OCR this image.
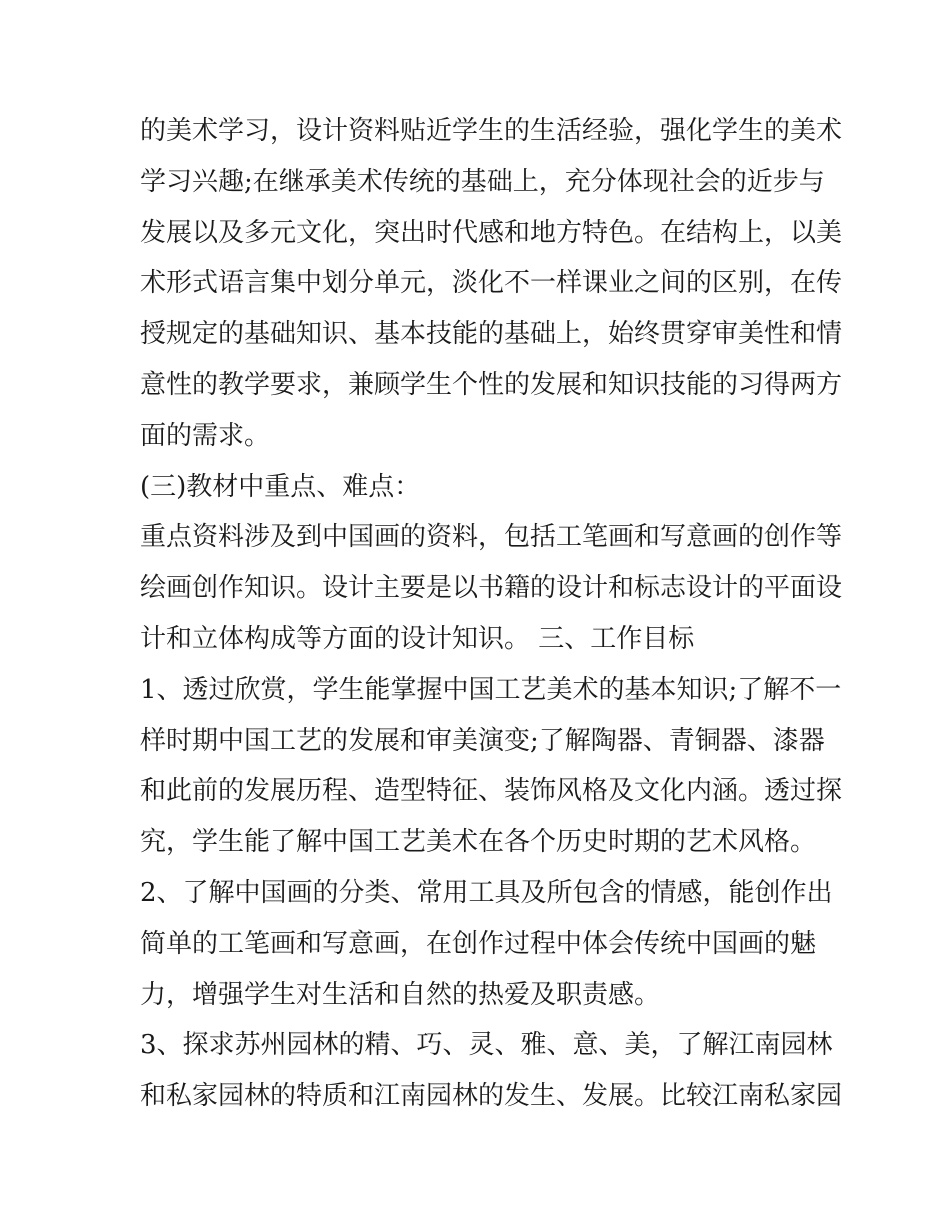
的美术学习，设计资料贴近学生的生活经验，强化学生的美术
学习兴趣;在继承美术传统的基础上，充分体现社会的近步与
发展以及多元文化，突出时代感和地方特色。在结构上，以美
术形式语言集中划分单元，淡化不一样课业之间的区别，在传
授规定的基础知识、基本技能的基础上，始终贯穿审美性和情
意性的教学要求，兼顾学生个性的发展和知识技能的习得两方
面的需求。
(三)教材中重点、难点：
重点资料涉及到中国画的资料，包括工笔画和写意画的创作等
绘画创作知识。设计主要是以书籍的设计和标志设计的平面设
计和立体构成等方面的设计知识。 三、工作目标
1、透过欣赏，学生能掌握中国工艺美术的基本知识;了解不一
样时期中国工艺的发展和审美演变;了解陶器、青铜器、漆器
和此前的发展历程、造型特征、装饰风格及文化内涵。透过探
究，学生能了解中国工艺美术在各个历史时期的艺术风格。
2、了解中国画的分类、常用工具及所包含的情感，能创作出
简单的工笔画和写意画，在创作过程中体会传统中国画的魅
力，增强学生对生活和自然的热爱及职责感。
3、探求苏州园林的精、巧、灵、雅、意、美，了解江南园林
和私家园林的特质和江南园林的发生、发展。比较江南私家园
